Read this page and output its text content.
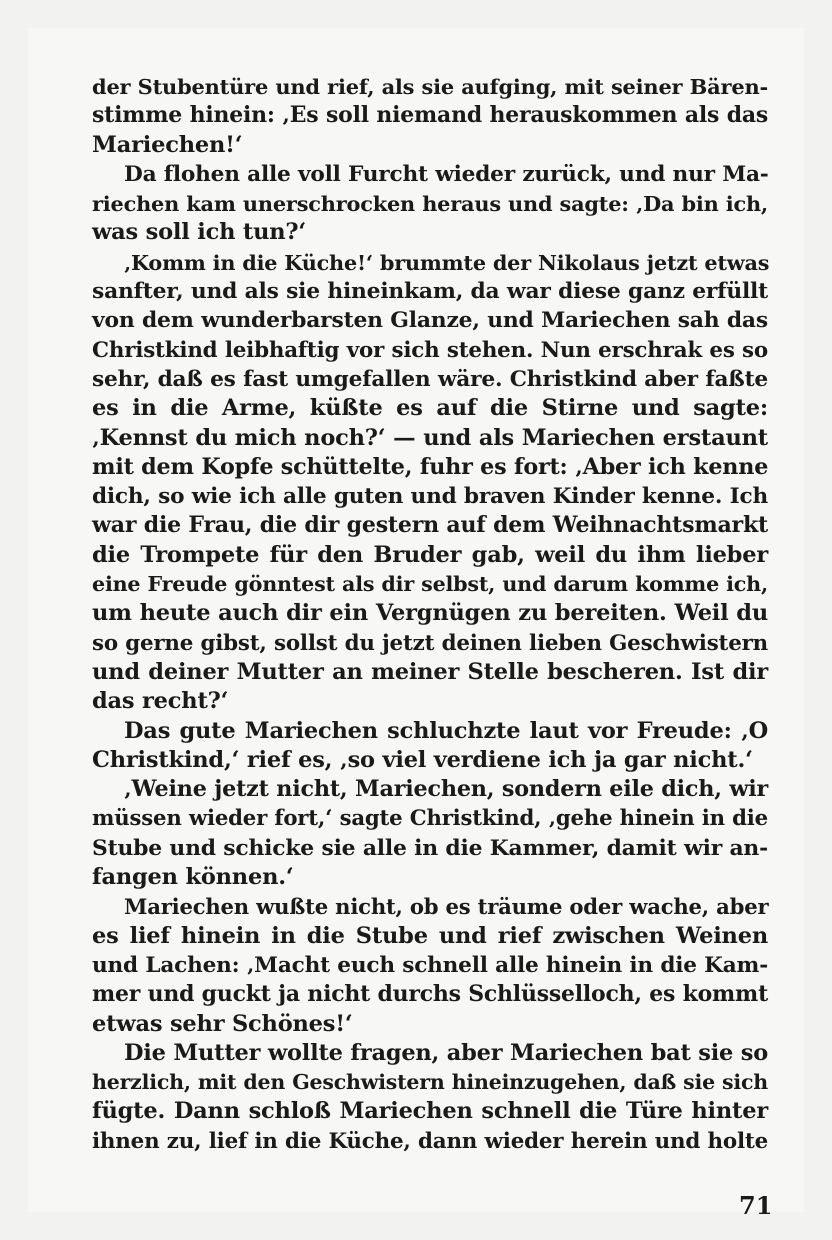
der Stubentüre und rief, als sie aufging, mit seiner Bären-
stimme hinein: ‚Es soll niemand herauskommen als das
Mariechen!‘
Da flohen alle voll Furcht wieder zurück, und nur Ma-
riechen kam unerschrocken heraus und sagte: ‚Da bin ich,
was soll ich tun?‘
‚Komm in die Küche!‘ brummte der Nikolaus jetzt etwas
sanfter, und als sie hineinkam, da war diese ganz erfüllt
von dem wunderbarsten Glanze, und Mariechen sah das
Christkind leibhaftig vor sich stehen. Nun erschrak es so
sehr, daß es fast umgefallen wäre. Christkind aber faßte
es in die Arme, küßte es auf die Stirne und sagte:
‚Kennst du mich noch?‘ — und als Mariechen erstaunt
mit dem Kopfe schüttelte, fuhr es fort: ‚Aber ich kenne
dich, so wie ich alle guten und braven Kinder kenne. Ich
war die Frau, die dir gestern auf dem Weihnachtsmarkt
die Trompete für den Bruder gab, weil du ihm lieber
eine Freude gönntest als dir selbst, und darum komme ich,
um heute auch dir ein Vergnügen zu bereiten. Weil du
so gerne gibst, sollst du jetzt deinen lieben Geschwistern
und deiner Mutter an meiner Stelle bescheren. Ist dir
das recht?‘
Das gute Mariechen schluchzte laut vor Freude: ‚O
Christkind,‘ rief es, ‚so viel verdiene ich ja gar nicht.‘
‚Weine jetzt nicht, Mariechen, sondern eile dich, wir
müssen wieder fort,‘ sagte Christkind, ‚gehe hinein in die
Stube und schicke sie alle in die Kammer, damit wir an-
fangen können.‘
Mariechen wußte nicht, ob es träume oder wache, aber
es lief hinein in die Stube und rief zwischen Weinen
und Lachen: ‚Macht euch schnell alle hinein in die Kam-
mer und guckt ja nicht durchs Schlüsselloch, es kommt
etwas sehr Schönes!‘
Die Mutter wollte fragen, aber Mariechen bat sie so
herzlich, mit den Geschwistern hineinzugehen, daß sie sich
fügte. Dann schloß Mariechen schnell die Türe hinter
ihnen zu, lief in die Küche, dann wieder herein und holte
71
